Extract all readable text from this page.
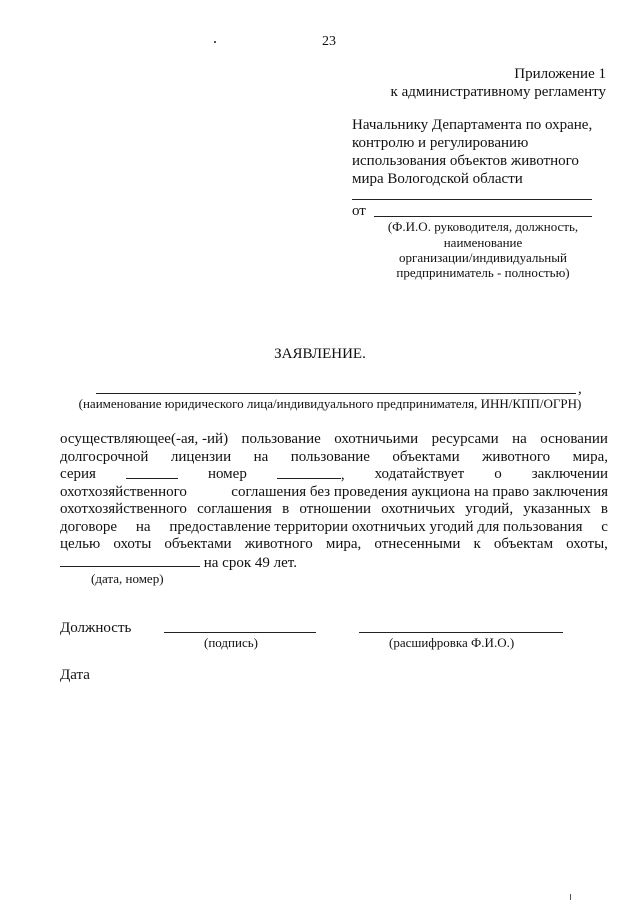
23
Приложение 1
к административному регламенту
Начальнику Департамента по охране,
контролю и регулированию
использования объектов животного
мира Вологодской области
от
(Ф.И.О. руководителя, должность,
наименование
организации/индивидуальный
предприниматель - полностью)
ЗАЯВЛЕНИЕ.
,
(наименование юридического лица/индивидуального предпринимателя, ИНН/КПП/ОГРН)
осуществляющее(-ая, -ий) пользование охотничьими ресурсами на основании
долгосрочной лицензии на пользование объектами животного мира,
серия	номер	, ходатайствует о заключении
охотхозяйственного	соглашения без проведения аукциона на право заключения
охотхозяйственного соглашения в отношении охотничьих угодий, указанных в
договоре на предоставление территории охотничьих угодий для пользования с
целью охоты объектами животного мира, отнесенными к объектам охоты,
на срок 49 лет.
(дата, номер)
Должность
(подпись)	(расшифровка Ф.И.О.)
Дата
